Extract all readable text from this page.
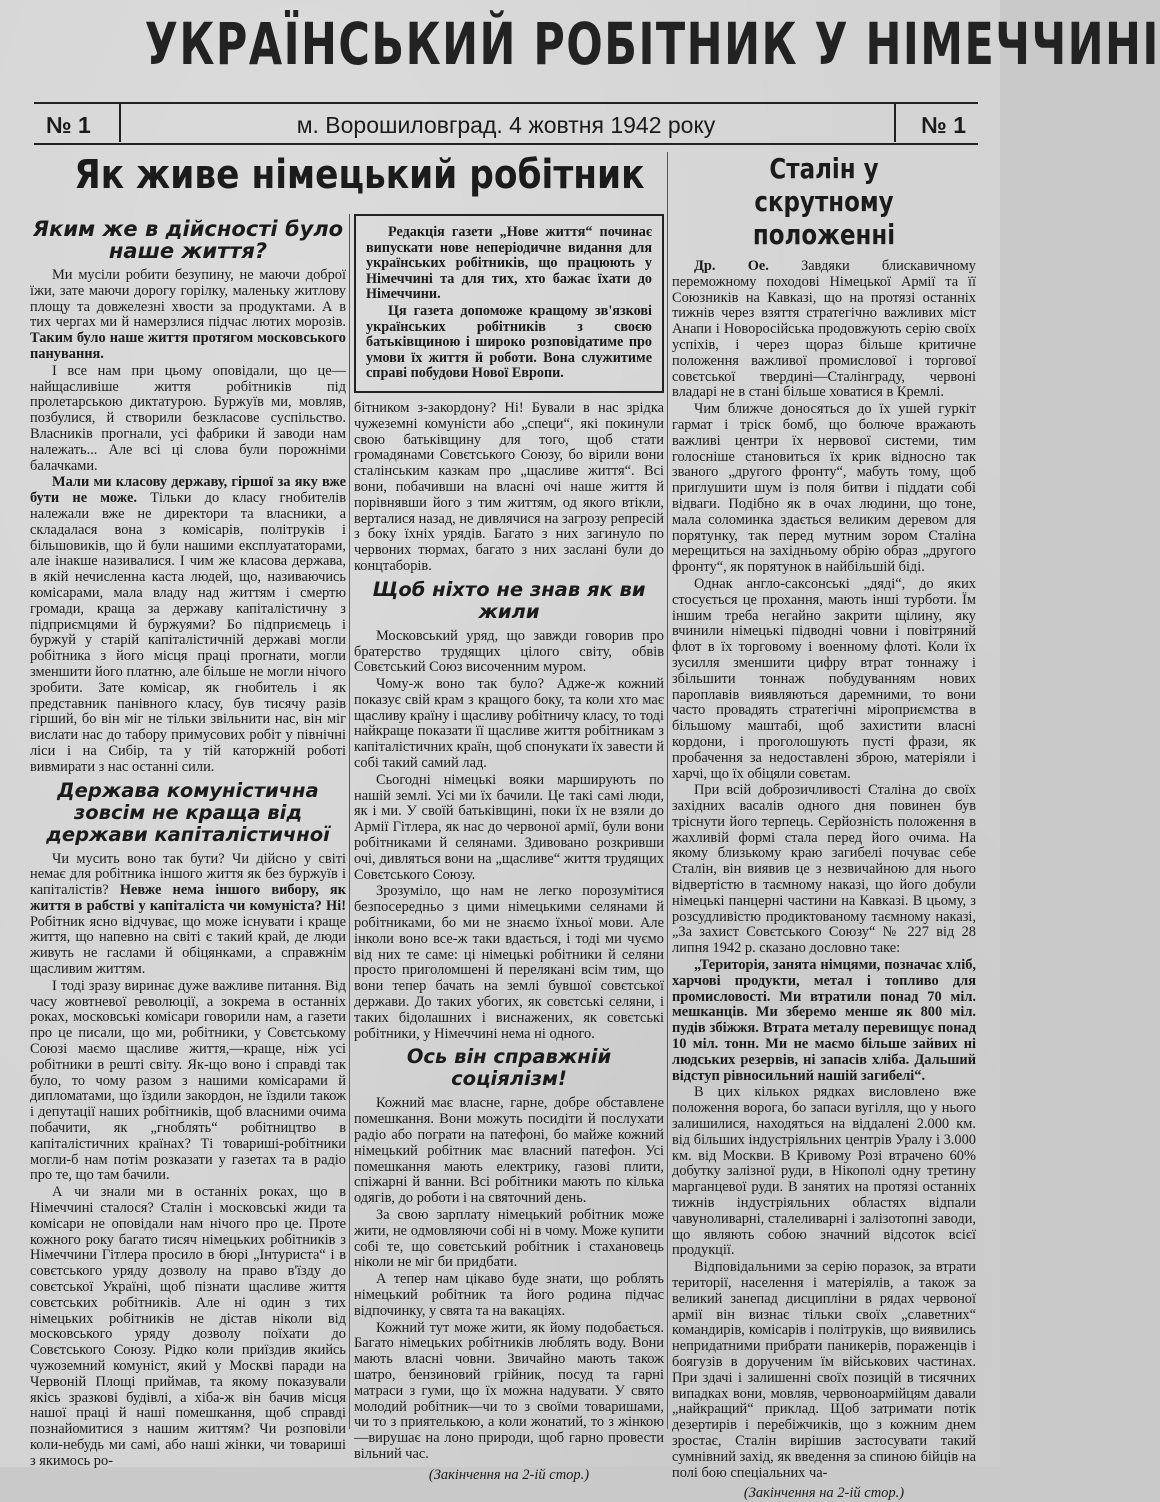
УКРАЇНСЬКИЙ РОБІТНИК У НІМЕЧЧИНІ
№ 1	м. Ворошиловград. 4 жовтня 1942 року	№ 1
Як живе німецький робітник
Яким же в дійсності було наше життя?

Ми мусіли робити безупину, не маючи доброї їжи, зате маючи дорогу горілку, маленьку житлову площу та довжелезні хвости за продуктами. А в тих чергах ми й намерзлися підчас лютих морозів. Таким було наше життя протягом московського панування.

І все нам при цьому оповідали, що це—найщасливіше життя робітників під пролетарською диктатурою. Буржуїв ми, мовляв, позбулися, й створили безкласове суспільство. Власників прогнали, усі фабрики й заводи нам належать... Але всі ці слова були порожніми балачками.

Мали ми класову державу, гіршої за яку вже бути не може. Тільки до класу гнобителів належали вже не директори та власники, а складалася вона з комісарів, політруків і більшовиків, що й були нашими експлуататорами, але інакше називалися. І чим же класова держава, в якій нечисленна каста людей, що, називаючись комісарами, мала владу над життям і смертю громади, краща за державу капіталістичну з підприємцями й буржуями? Бо підприємець і буржуй у старій капіталістичній державі могли робітника з його місця праці прогнати, могли зменшити його платню, але більше не могли нічого зробити. Зате комісар, як гнобитель і як представник панівного класу, був тисячу разів гірший, бо він міг не тільки звільнити нас, він міг вислати нас до табору примусових робіт у північні ліси і на Сибір, та у тій каторжній роботі вивмирати з нас останні сили.

Держава комуністична зовсім не краща від держави капіталістичної

Чи мусить воно так бути? Чи дійсно у світі немає для робітника іншого життя як без буржуїв і капіталістів? Невже нема іншого вибору, як життя в рабстві у капіталіста чи комуніста? Ні! Робітник ясно відчуває, що може існувати і краще життя, що напевно на світі є такий край, де люди живуть не гаслами й обіцянками, а справжнім щасливим життям.

І тоді зразу виринає дуже важливе питання. Від часу жовтневої революції, а зокрема в останніх роках, московські комісари говорили нам, а газети про це писали, що ми, робітники, у Совєтському Союзі маємо щасливе життя,—краще, ніж усі робітники в решті світу. Як-що воно і справді так було, то чому разом з нашими комісарами й дипломатами, що їздили закордон, не їздили також і депутації наших робітників, щоб власними очима побачити, як „гноблять“ робітництво в капіталістичних країнах? Ті товариші-робітники могли-б нам потім розказати у газетах та в радіо про те, що там бачили.

А чи знали ми в останніх роках, що в Німеччині сталося? Сталін і московські жиди та комісари не оповідали нам нічого про це. Проте кожного року багато тисяч німецьких робітників з Німеччини Гітлера просило в бюрі „Інтуриста“ і в совєтського уряду дозволу на право в'їзду до совєтської Україні, щоб пізнати щасливе життя совєтських робітників. Але ні один з тих німецьких робітників не дістав ніколи від московського уряду дозволу поїхати до Совєтського Союзу. Рідко коли приїздив якийсь чужоземний комуніст, який у Москві паради на Червоній Площі приймав, та якому показували якісь зразкові будівлі, а хіба-ж він бачив місця нашої праці й наші помешкання, щоб справді познайомитися з нашим життям? Чи розповіли коли-небудь ми самі, або наші жінки, чи товариші з якимось ро-

Редакція газети „Нове життя“ починає випускати нове неперіодичне видання для українських робітників, що працюють у Німеччині та для тих, хто бажає їхати до Німеччини.

Ця газета допоможе кращому зв'язкові українських робітників з своєю батьківщиною і широко розповідатиме про умови їх життя й роботи. Вона служитиме справі побудови Нової Европи.

бітником з-закордону? Ні! Бували в нас зрідка чужеземні комуністи або „специ“, які покинули свою батьківщину для того, щоб стати громадянами Совєтського Союзу, бо вірили вони сталінським казкам про „щасливе життя“. Всі вони, побачивши на власні очі наше життя й порівнявши його з тим життям, од якого втікли, верталися назад, не дивлячися на загрозу репресій з боку їхніх урядів. Багато з них загинуло по червоних тюрмах, багато з них заслані були до концтаборів.

Щоб ніхто не знав як ви жили

Московський уряд, що завжди говорив про братерство трудящих цілого світу, обвів Совєтський Союз височенним муром.

Чому-ж воно так було? Адже-ж кожний показує свій крам з кращого боку, та коли хто має щасливу країну і щасливу робітничу класу, то тоді найкраще показати її щасливе життя робітникам з капіталістичних країн, щоб спонукати їх завести й собі такий самий лад.

Сьогодні німецькі вояки марширують по нашій землі. Усі ми їх бачили. Це такі самі люди, як і ми. У своїй батьківщині, поки їх не взяли до Армії Гітлера, як нас до червоної армії, були вони робітниками й селянами. Здивовано розкривши очі, дивляться вони на „щасливе“ життя трудящих Совєтського Союзу.

Зрозуміло, що нам не легко порозумітися безпосередньо з цими німецькими селянами й робітниками, бо ми не знаємо їхньої мови. Але інколи воно все-ж таки вдається, і тоді ми чуємо від них те саме: ці німецькі робітники й селяни просто приголомшені й перелякані всім тим, що вони тепер бачать на землі бувшої совєтської держави. До таких убогих, як совєтські селяни, і таких бідолашних і виснажених, як совєтські робітники, у Німеччині нема ні одного.

Ось він справжній соціялізм!

Кожний має власне, гарне, добре обставлене помешкання. Вони можуть посидіти й послухати радіо або пограти на патефоні, бо майже кожний німецький робітник має власний патефон. Усі помешкання мають електрику, газові плити, спіжарні й ванни. Всі робітники мають по кілька одягів, до роботи і на святочний день.

За свою зарплату німецький робітник може жити, не одмовляючи собі ні в чому. Може купити собі те, що совєтський робітник і стахановець ніколи не міг би придбати.

А тепер нам цікаво буде знати, що роблять німецький робітник та його родина підчас відпочинку, у свята та на вакаціях.

Кожний тут може жити, як йому подобається. Багато німецьких робітників люблять воду. Вони мають власні човни. Звичайно мають також шатро, бензиновий грійник, посуд та гарні матраси з гуми, що їх можна надувати. У свято молодий робітник—чи то з своїми товаришами, чи то з приятелькою, а коли жонатий, то з жінкою—вирушає на лоно природи, щоб гарно провести вільний час.

(Закінчення на 2-ій стор.)
Сталін у скрутному положенні

Др. Ое. Завдяки блискавичному переможному походові Німецької Армії та її Союзників на Кавказі, що на протязі останніх тижнів через взяття стратегічно важливих міст Анапи і Новоросійська продовжують серію своїх успіхів, і через щораз більше критичне положення важливої промислової і торгової совєтської твердині—Сталінграду, червоні владарі не в стані більше ховатися в Кремлі.

Чим ближче доносяться до їх ушей гуркіт гармат і тріск бомб, що болюче вражають важливі центри їх нервової системи, тим голосніше становиться їх крик відносно так званого „другого фронту“, мабуть тому, щоб приглушити шум із поля битви і піддати собі відваги. Подібно як в очах людини, що тоне, мала соломинка здається великим деревом для порятунку, так перед мутним зором Сталіна мерещиться на західньому обрію образ „другого фронту“, як порятунок в найбільшій біді.

Однак англо-саксонські „дяді“, до яких стосується це прохання, мають інші турботи. Їм іншим треба негайно закрити щілину, яку вчинили німецькі підводні човни і повітряний флот в їх торговому і военному флоті. Коли їх зусилля зменшити цифру втрат тоннажу і збільшити тоннаж побудуванням нових пароплавів виявляються даремними, то вони часто провадять стратегічні міроприємства в більшому маштабі, щоб захистити власні кордони, і проголошують пусті фрази, як пробачення за недоставлені зброю, матеріяли і харчі, що їх обіцяли совєтам.

При всій доброзичливості Сталіна до своїх західних васалів одного дня повинен був тріснути його терпець. Серйозність положення в жахливій формі стала перед його очима. На якому близькому краю загибелі почуває себе Сталін, він виявив це з незвичайною для нього відвертістю в таємному наказі, що його добули німецькі панцерні частини на Кавказі. В цьому, з розсудливістю продиктованому таємному наказі, „За захист Совєтського Союзу“ № 227 від 28 липня 1942 р. сказано дословно таке:

„Територія, занята німцями, позначає хліб, харчові продукти, метал і топливо для промисловості. Ми втратили понад 70 міл. мешканців. Ми зберемо менше як 800 міл. пудів збіжжя. Втрата металу перевищує понад 10 міл. тонн. Ми не маємо більше зайвих ні людських резервів, ні запасів хліба. Дальший відступ рівносильний нашій загибелі“.

В цих кількох рядках висловлено вже положення ворога, бо запаси вугілля, що у нього залишилися, находяться на віддалені 2.000 км. від більших індустріяльних центрів Уралу і 3.000 км. від Москви. В Кривому Розі втрачено 60% добутку залізної руди, в Нікополі одну третину марганцевої руди. В занятих на протязі останніх тижнів індустріяльних областях відпали чавуноливарні, сталеливарні і залізотопні заводи, що являють собою значний відсоток всієї продукції.

Відповідальними за серію поразок, за втрати території, населення і матеріялів, а також за великий занепад дисципліни в рядах червоної армії він визнає тільки своїх „славетних“ командирів, комісарів і політруків, що виявились непридатними прибрати паникерів, пораженців і боягузів в дорученим їм військових частинах. При здачі і залишенні своїх позицій в тисячних випадках вони, мовляв, червоноармійцям давали „найкращий“ приклад. Щоб затримати потік дезертирів і перебіжчиків, що з кожним днем зростає, Сталін вирішив застосувати такий сумнівний захід, як введення за спиною бійців на полі бою спеціальних ча-

(Закінчення на 2-ій стор.)
